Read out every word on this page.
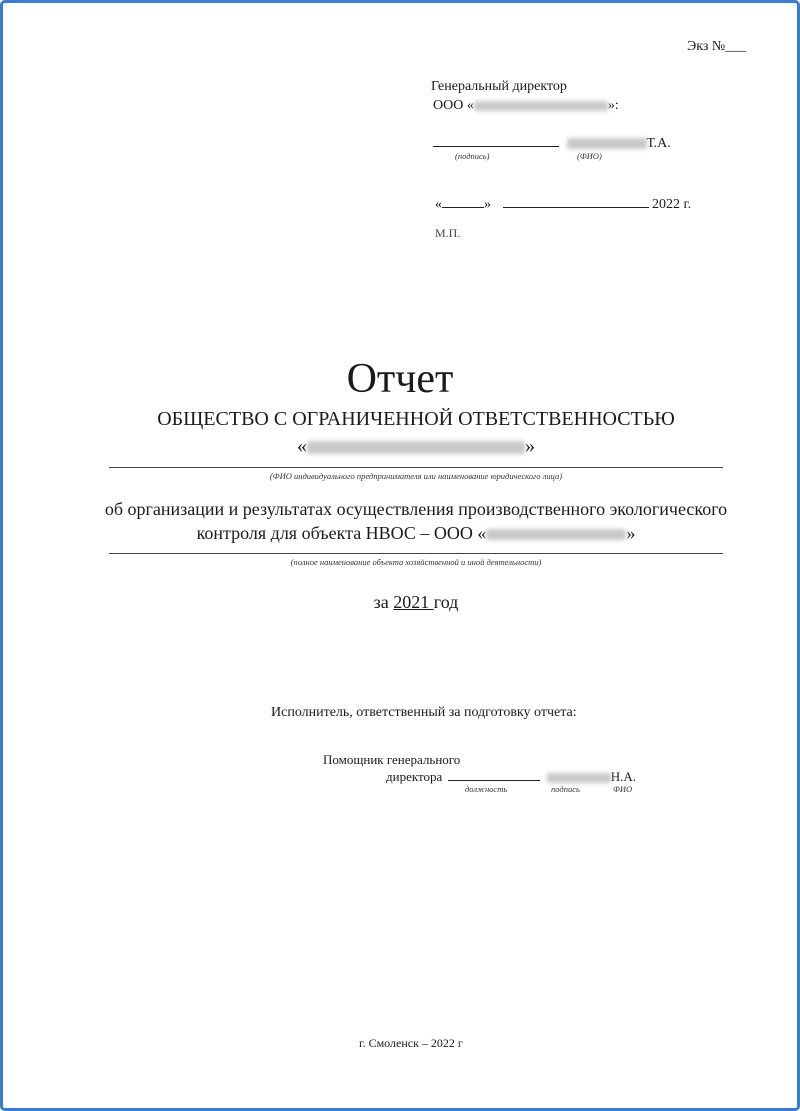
Экз №___
Генеральный директор
ООО «	»:
Т.А.
(подпись)	(ФИО)
«	»	2022 г.
М.П.
Отчет
ОБЩЕСТВО С ОГРАНИЧЕННОЙ ОТВЕТСТВЕННОСТЬЮ
«	»
(ФИО индивидуального предпринимателя или наименование юридического лица)
об организации и результатах осуществления производственного экологического
контроля для объекта НВОС – ООО «	»
(полное наименование объекта хозяйственной и иной деятельности)
за 2021 год
Исполнитель, ответственный за подготовку отчета:
Помощник генерального
директора	Н.А.
должность	подпись	ФИО
г. Смоленск – 2022 г
